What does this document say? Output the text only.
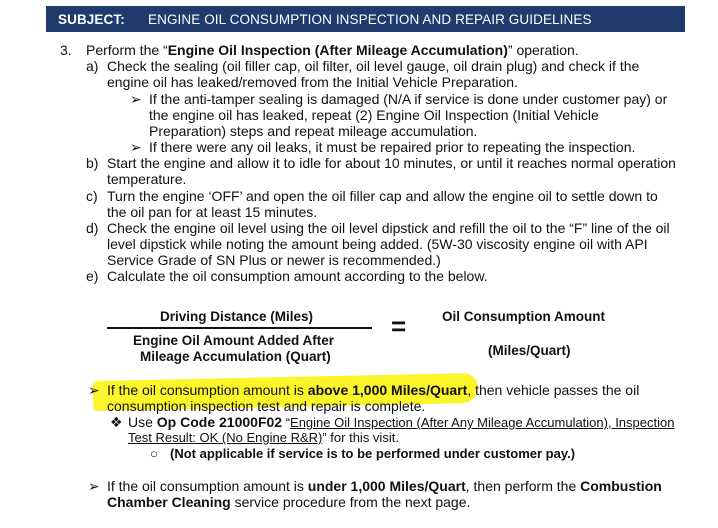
SUBJECT:	ENGINE OIL CONSUMPTION INSPECTION AND REPAIR GUIDELINES
3. Perform the “Engine Oil Inspection (After Mileage Accumulation)” operation.
a) Check the sealing (oil filler cap, oil filter, oil level gauge, oil drain plug) and check if the
engine oil has leaked/removed from the Initial Vehicle Preparation.
➢ If the anti-tamper sealing is damaged (N/A if service is done under customer pay) or
the engine oil has leaked, repeat (2) Engine Oil Inspection (Initial Vehicle
Preparation) steps and repeat mileage accumulation.
➢ If there were any oil leaks, it must be repaired prior to repeating the inspection.
b) Start the engine and allow it to idle for about 10 minutes, or until it reaches normal operation
temperature.
c) Turn the engine ‘OFF’ and open the oil filler cap and allow the engine oil to settle down to
the oil pan for at least 15 minutes.
d) Check the engine oil level using the oil level dipstick and refill the oil to the “F” line of the oil
level dipstick while noting the amount being added. (5W-30 viscosity engine oil with API
Service Grade of SN Plus or newer is recommended.)
e) Calculate the oil consumption amount according to the below.
Driving Distance (Miles)
Engine Oil Amount Added After
Mileage Accumulation (Quart)
=	Oil Consumption Amount
(Miles/Quart)
➢ If the oil consumption amount is above 1,000 Miles/Quart, then vehicle passes the oil
consumption inspection test and repair is complete.
❖ Use Op Code 21000F02 “Engine Oil Inspection (After Any Mileage Accumulation), Inspection
Test Result: OK (No Engine R&R)” for this visit.
○ (Not applicable if service is to be performed under customer pay.)
➢ If the oil consumption amount is under 1,000 Miles/Quart, then perform the Combustion
Chamber Cleaning service procedure from the next page.
